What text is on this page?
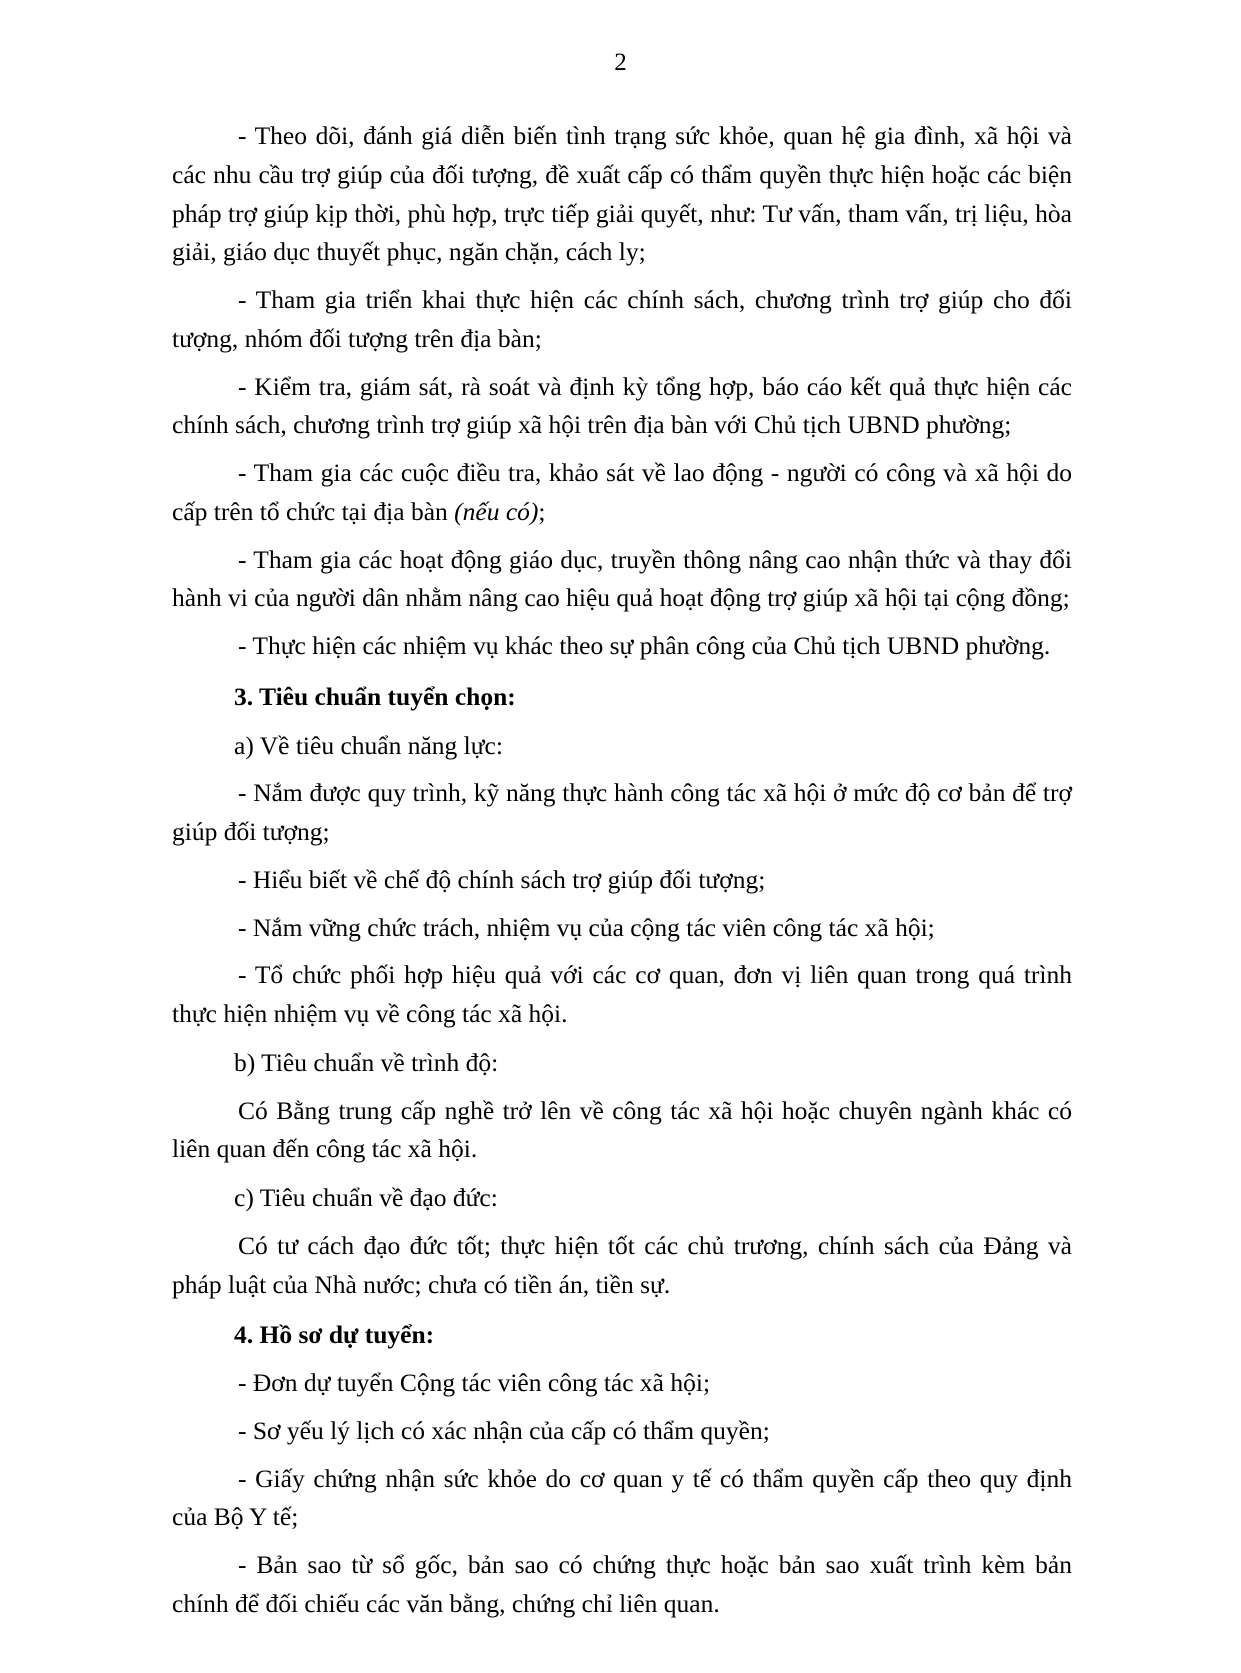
2

- Theo dõi, đánh giá diễn biến tình trạng sức khỏe, quan hệ gia đình, xã hội và các nhu cầu trợ giúp của đối tượng, đề xuất cấp có thẩm quyền thực hiện hoặc các biện pháp trợ giúp kịp thời, phù hợp, trực tiếp giải quyết, như: Tư vấn, tham vấn, trị liệu, hòa giải, giáo dục thuyết phục, ngăn chặn, cách ly;

- Tham gia triển khai thực hiện các chính sách, chương trình trợ giúp cho đối tượng, nhóm đối tượng trên địa bàn;

- Kiểm tra, giám sát, rà soát và định kỳ tổng hợp, báo cáo kết quả thực hiện các chính sách, chương trình trợ giúp xã hội trên địa bàn với Chủ tịch UBND phường;

- Tham gia các cuộc điều tra, khảo sát về lao động - người có công và xã hội do cấp trên tổ chức tại địa bàn (nếu có);

- Tham gia các hoạt động giáo dục, truyền thông nâng cao nhận thức và thay đổi hành vi của người dân nhằm nâng cao hiệu quả hoạt động trợ giúp xã hội tại cộng đồng;

- Thực hiện các nhiệm vụ khác theo sự phân công của Chủ tịch UBND phường.

3. Tiêu chuẩn tuyển chọn:

a) Về tiêu chuẩn năng lực:

- Nắm được quy trình, kỹ năng thực hành công tác xã hội ở mức độ cơ bản để trợ giúp đối tượng;

- Hiểu biết về chế độ chính sách trợ giúp đối tượng;

- Nắm vững chức trách, nhiệm vụ của cộng tác viên công tác xã hội;

- Tổ chức phối hợp hiệu quả với các cơ quan, đơn vị liên quan trong quá trình thực hiện nhiệm vụ về công tác xã hội.

b) Tiêu chuẩn về trình độ:

Có Bằng trung cấp nghề trở lên về công tác xã hội hoặc chuyên ngành khác có liên quan đến công tác xã hội.

c) Tiêu chuẩn về đạo đức:

Có tư cách đạo đức tốt; thực hiện tốt các chủ trương, chính sách của Đảng và pháp luật của Nhà nước; chưa có tiền án, tiền sự.

4. Hồ sơ dự tuyển:

- Đơn dự tuyển Cộng tác viên công tác xã hội;

- Sơ yếu lý lịch có xác nhận của cấp có thẩm quyền;

- Giấy chứng nhận sức khỏe do cơ quan y tế có thẩm quyền cấp theo quy định của Bộ Y tế;

- Bản sao từ sổ gốc, bản sao có chứng thực hoặc bản sao xuất trình kèm bản chính để đối chiếu các văn bằng, chứng chỉ liên quan.
